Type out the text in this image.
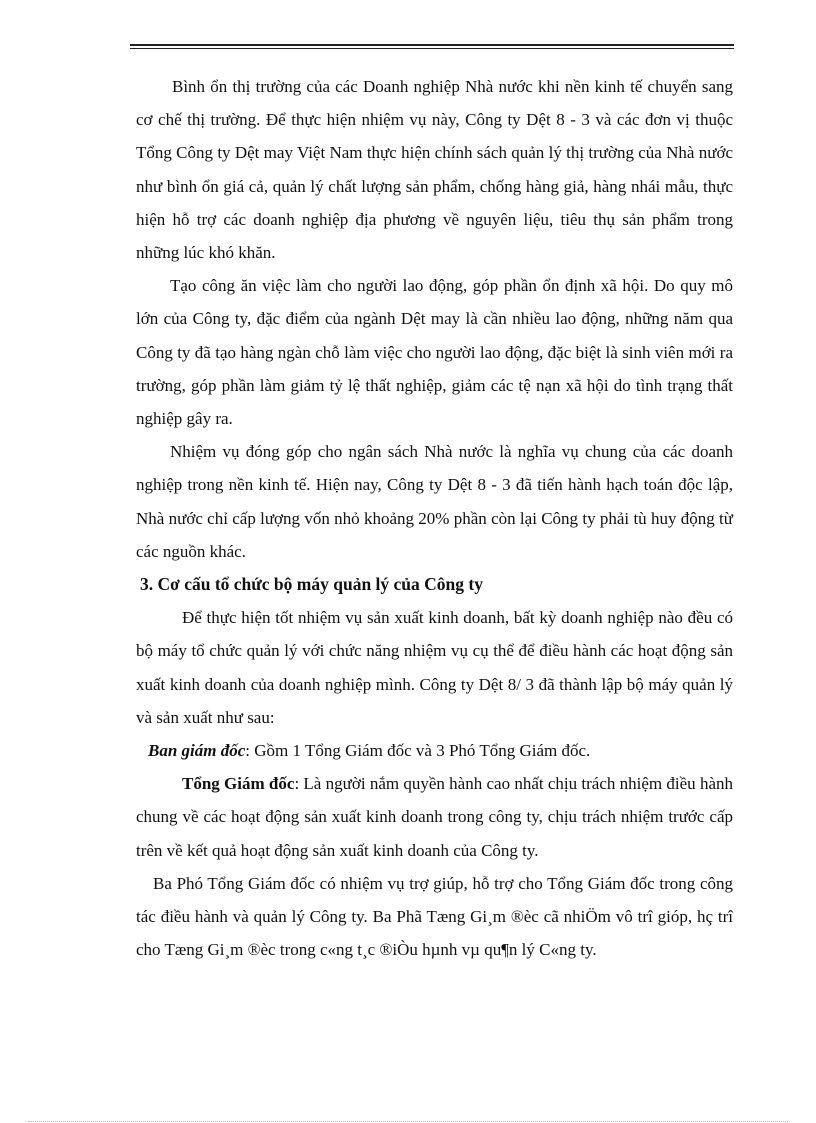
Bình ổn thị trường của các Doanh nghiệp Nhà nước khi nền kinh tế chuyển sang cơ chế thị trường. Để thực hiện nhiệm vụ này, Công ty Dệt 8 - 3 và các đơn vị thuộc Tổng Công ty Dệt may Việt Nam thực hiện chính sách quản lý thị trường của Nhà nước như bình ổn giá cả, quản lý chất lượng sản phẩm, chống hàng giả, hàng nhái mẫu, thực hiện hỗ trợ các doanh nghiệp địa phương về nguyên liệu, tiêu thụ sản phẩm trong những lúc khó khăn.

Tạo công ăn việc làm cho người lao động, góp phần ổn định xã hội. Do quy mô lớn của Công ty, đặc điểm của ngành Dệt may là cần nhiều lao động, những năm qua Công ty đã tạo hàng ngàn chỗ làm việc cho người lao động, đặc biệt là sinh viên mới ra trường, góp phần làm giảm tỷ lệ thất nghiệp, giảm các tệ nạn xã hội do tình trạng thất nghiệp gây ra.

Nhiệm vụ đóng góp cho ngân sách Nhà nước là nghĩa vụ chung của các doanh nghiệp trong nền kinh tế. Hiện nay, Công ty Dệt 8 - 3 đã tiến hành hạch toán độc lập, Nhà nước chỉ cấp lượng vốn nhỏ khoảng 20% phần còn lại Công ty phải tù huy động từ các nguồn khác.

3. Cơ cấu tổ chức bộ máy quản lý của Công ty

Để thực hiện tốt nhiệm vụ sản xuất kinh doanh, bất kỳ doanh nghiệp nào đều có bộ máy tổ chức quản lý với chức năng nhiệm vụ cụ thể để điều hành các hoạt động sản xuất kinh doanh của doanh nghiệp mình. Công ty Dệt 8/ 3 đã thành lập bộ máy quản lý và sản xuất như sau:

Ban giám đốc: Gồm 1 Tổng Giám đốc và 3 Phó Tổng Giám đốc.

Tổng Giám đốc: Là người nắm quyền hành cao nhất chịu trách nhiệm điều hành chung về các hoạt động sản xuất kinh doanh trong công ty, chịu trách nhiệm trước cấp trên về kết quả hoạt động sản xuất kinh doanh của Công ty.

Ba Phó Tổng Giám đốc có nhiệm vụ trợ giúp, hỗ trợ cho Tổng Giám đốc trong công tác điều hành và quản lý Công ty. Ba Phã Tæng Gi¸m ®èc cã nhiÖm vô trî gióp, hç trî cho Tæng Gi¸m ®èc trong c«ng t¸c ®iÒu hµnh vµ qu¶n lý C«ng ty.
